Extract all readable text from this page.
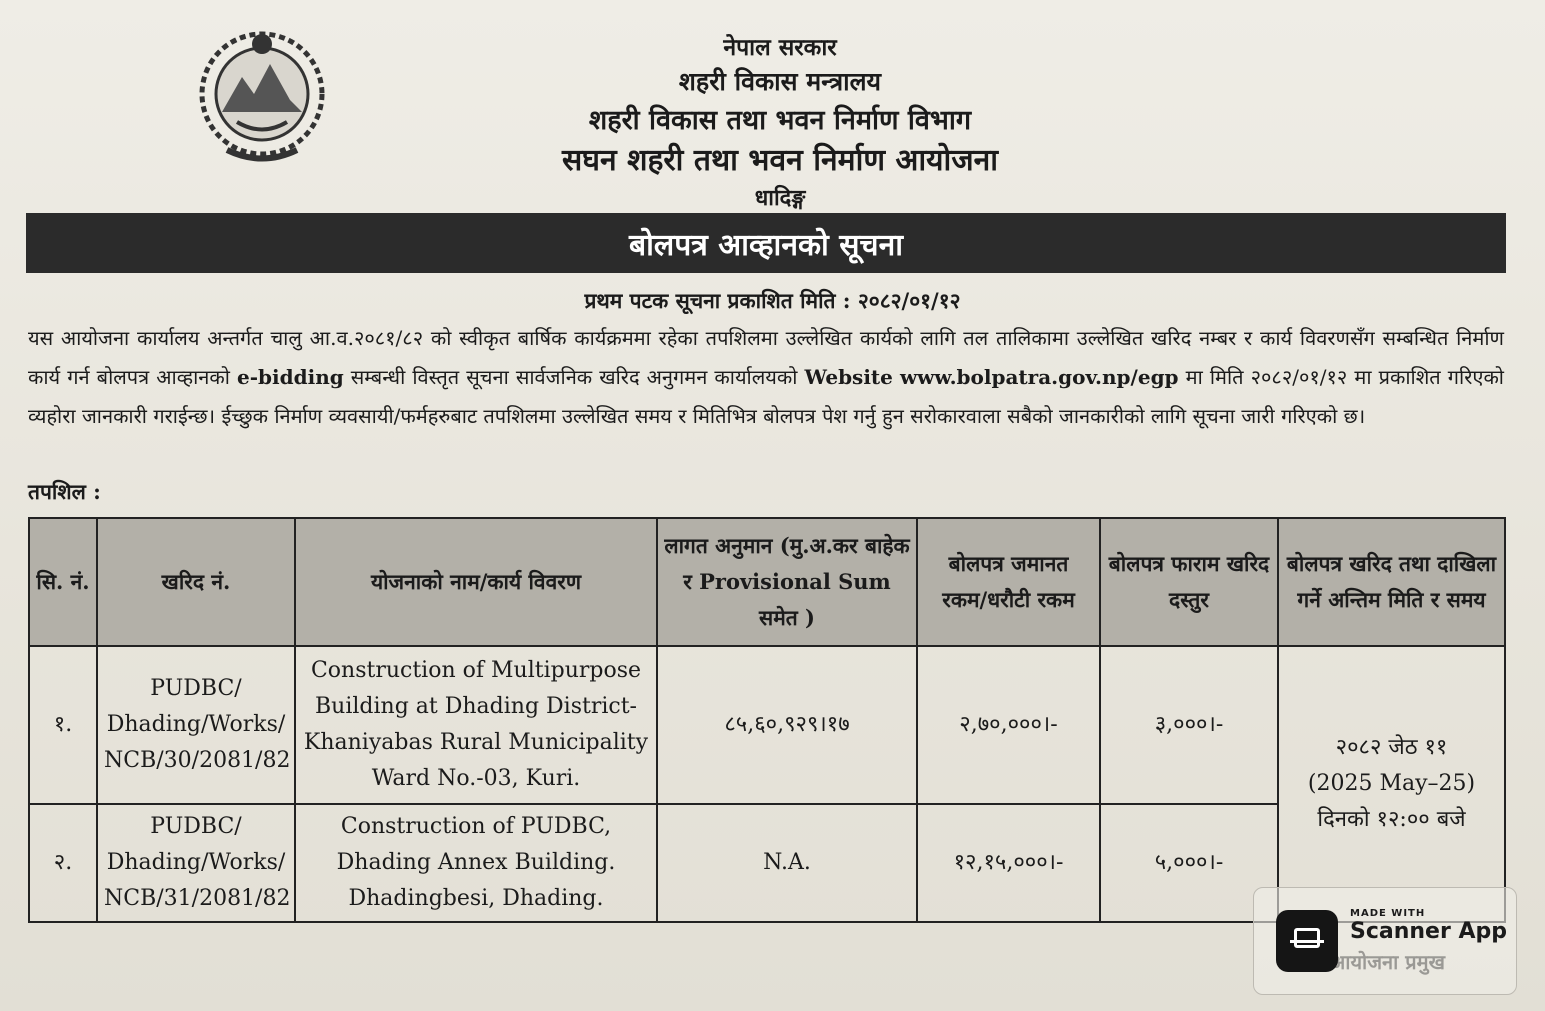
नेपाल सरकार
शहरी विकास मन्त्रालय
शहरी विकास तथा भवन निर्माण विभाग
सघन शहरी तथा भवन निर्माण आयोजना
धादिङ्ग
बोलपत्र आव्हानको सूचना
प्रथम पटक सूचना प्रकाशित मिति : २०८२/०१/१२
यस आयोजना कार्यालय अन्तर्गत चालु आ.व.२०८१/८२ को स्वीकृत बार्षिक कार्यक्रममा रहेका तपशिलमा उल्लेखित कार्यको लागि तल तालिकामा उल्लेखित खरिद नम्बर र कार्य विवरणसँग सम्बन्धित निर्माण कार्य गर्न बोलपत्र आव्हानको e-bidding सम्बन्धी विस्तृत सूचना सार्वजनिक खरिद अनुगमन कार्यालयको Website www.bolpatra.gov.np/egp मा मिति २०८२/०१/१२ मा प्रकाशित गरिएको व्यहोरा जानकारी गराईन्छ। ईच्छुक निर्माण व्यवसायी/फर्महरुबाट तपशिलमा उल्लेखित समय र मितिभित्र बोलपत्र पेश गर्नु हुन सरोकारवाला सबैको जानकारीको लागि सूचना जारी गरिएको छ।
तपशिल :
सि. नं.	खरिद नं.	योजनाको नाम/कार्य विवरण	लागत अनुमान (मु.अ.कर बाहेक र Provisional Sum समेत )	बोलपत्र जमानत रकम/धरौटी रकम	बोलपत्र फाराम खरिद दस्तुर	बोलपत्र खरिद तथा दाखिला गर्ने अन्तिम मिति र समय
१.	PUDBC/ Dhading/Works/ NCB/30/2081/82	Construction of Multipurpose Building at Dhading District-Khaniyabas Rural Municipality Ward No.-03, Kuri.	८५,६०,९२९।१७	२,७०,०००।-	३,०००।-	२०८२ जेठ ११
(2025 May–25)
दिनको १२:०० बजे

२.	PUDBC/ Dhading/Works/ NCB/31/2081/82	Construction of PUDBC, Dhading Annex Building. Dhadingbesi, Dhading.	N.A.	१२,१५,०००।-	५,०००।-	
MADE WITH
Scanner App
